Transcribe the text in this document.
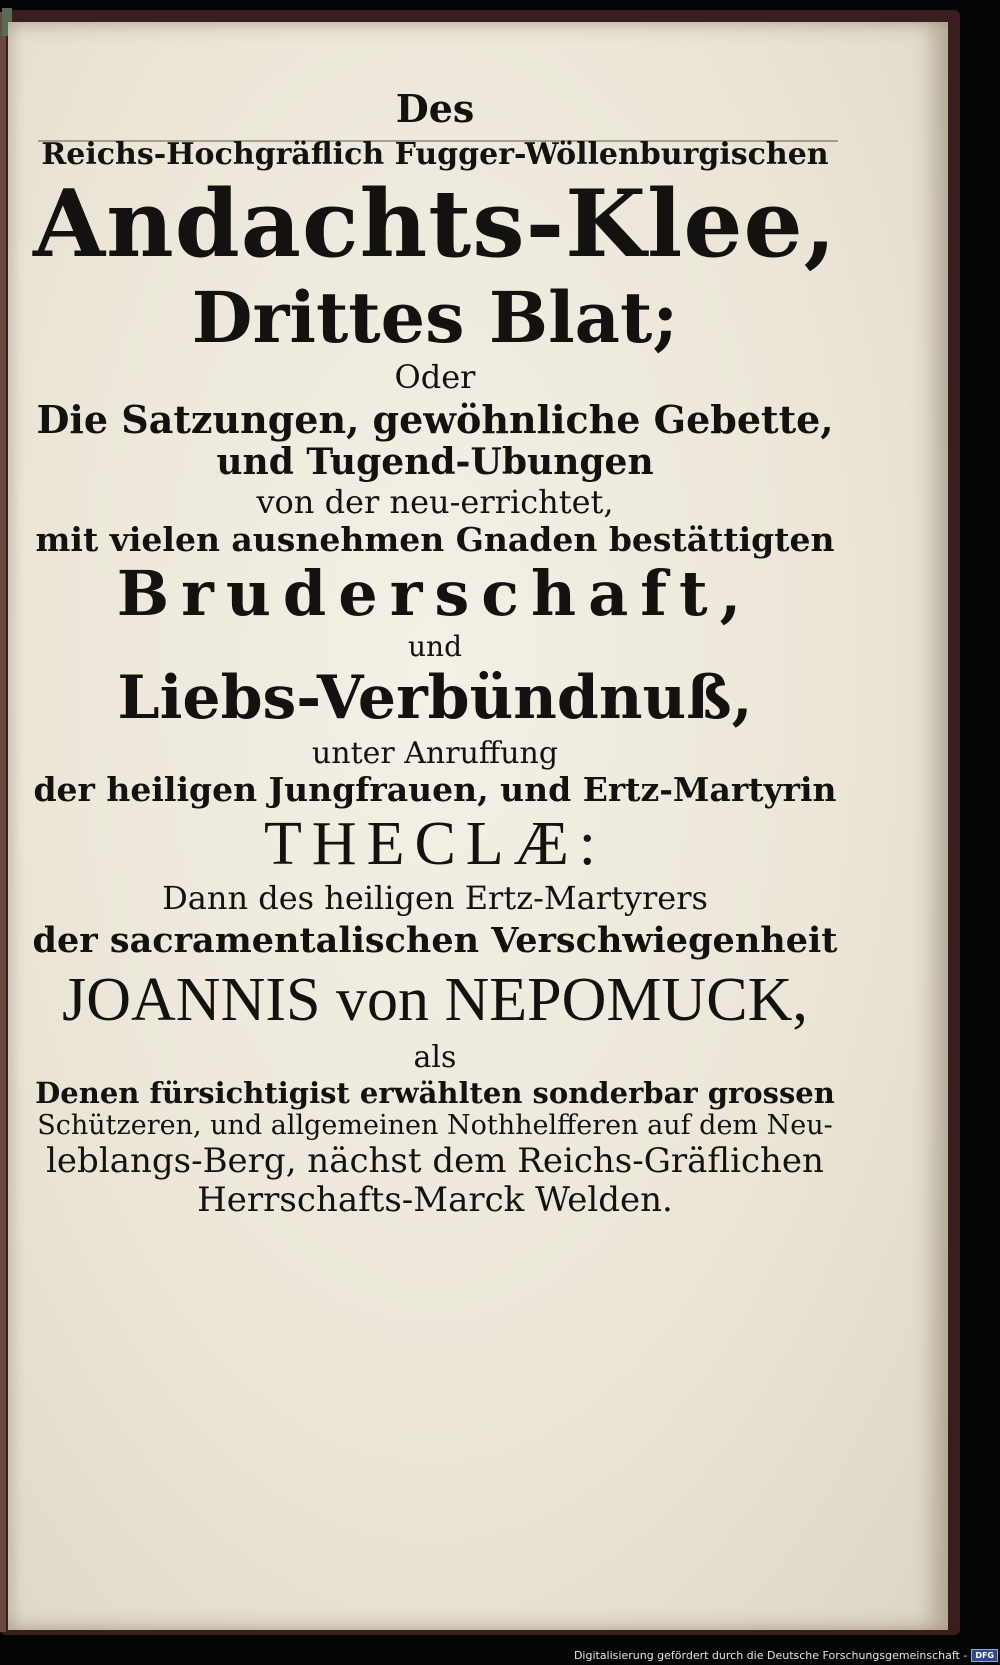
Des
Reichs-Hochgräflich Fugger-Wöllenburgischen
Andachts-Klee,
Drittes Blat;
Oder
Die Satzungen, gewöhnliche Gebette,
und Tugend-Ubungen
von der neu-errichtet,
mit vielen ausnehmen Gnaden bestättigten
Bruderschaft,
und
Liebs-Verbündnuß,
unter Anruffung
der heiligen Jungfrauen, und Ertz-Martyrin
THECLÆ:
Dann des heiligen Ertz-Martyrers
der sacramentalischen Verschwiegenheit
JOANNIS von NEPOMUCK,
als
Denen fürsichtigist erwählten sonderbar grossen
Schützeren, und allgemeinen Nothhelfferen auf dem Neu-
leblangs-Berg, nächst dem Reichs-Gräflichen
Herrschafts-Marck Welden.
Digitalisierung gefördert durch die Deutsche Forschungsgemeinschaft -	DFG
